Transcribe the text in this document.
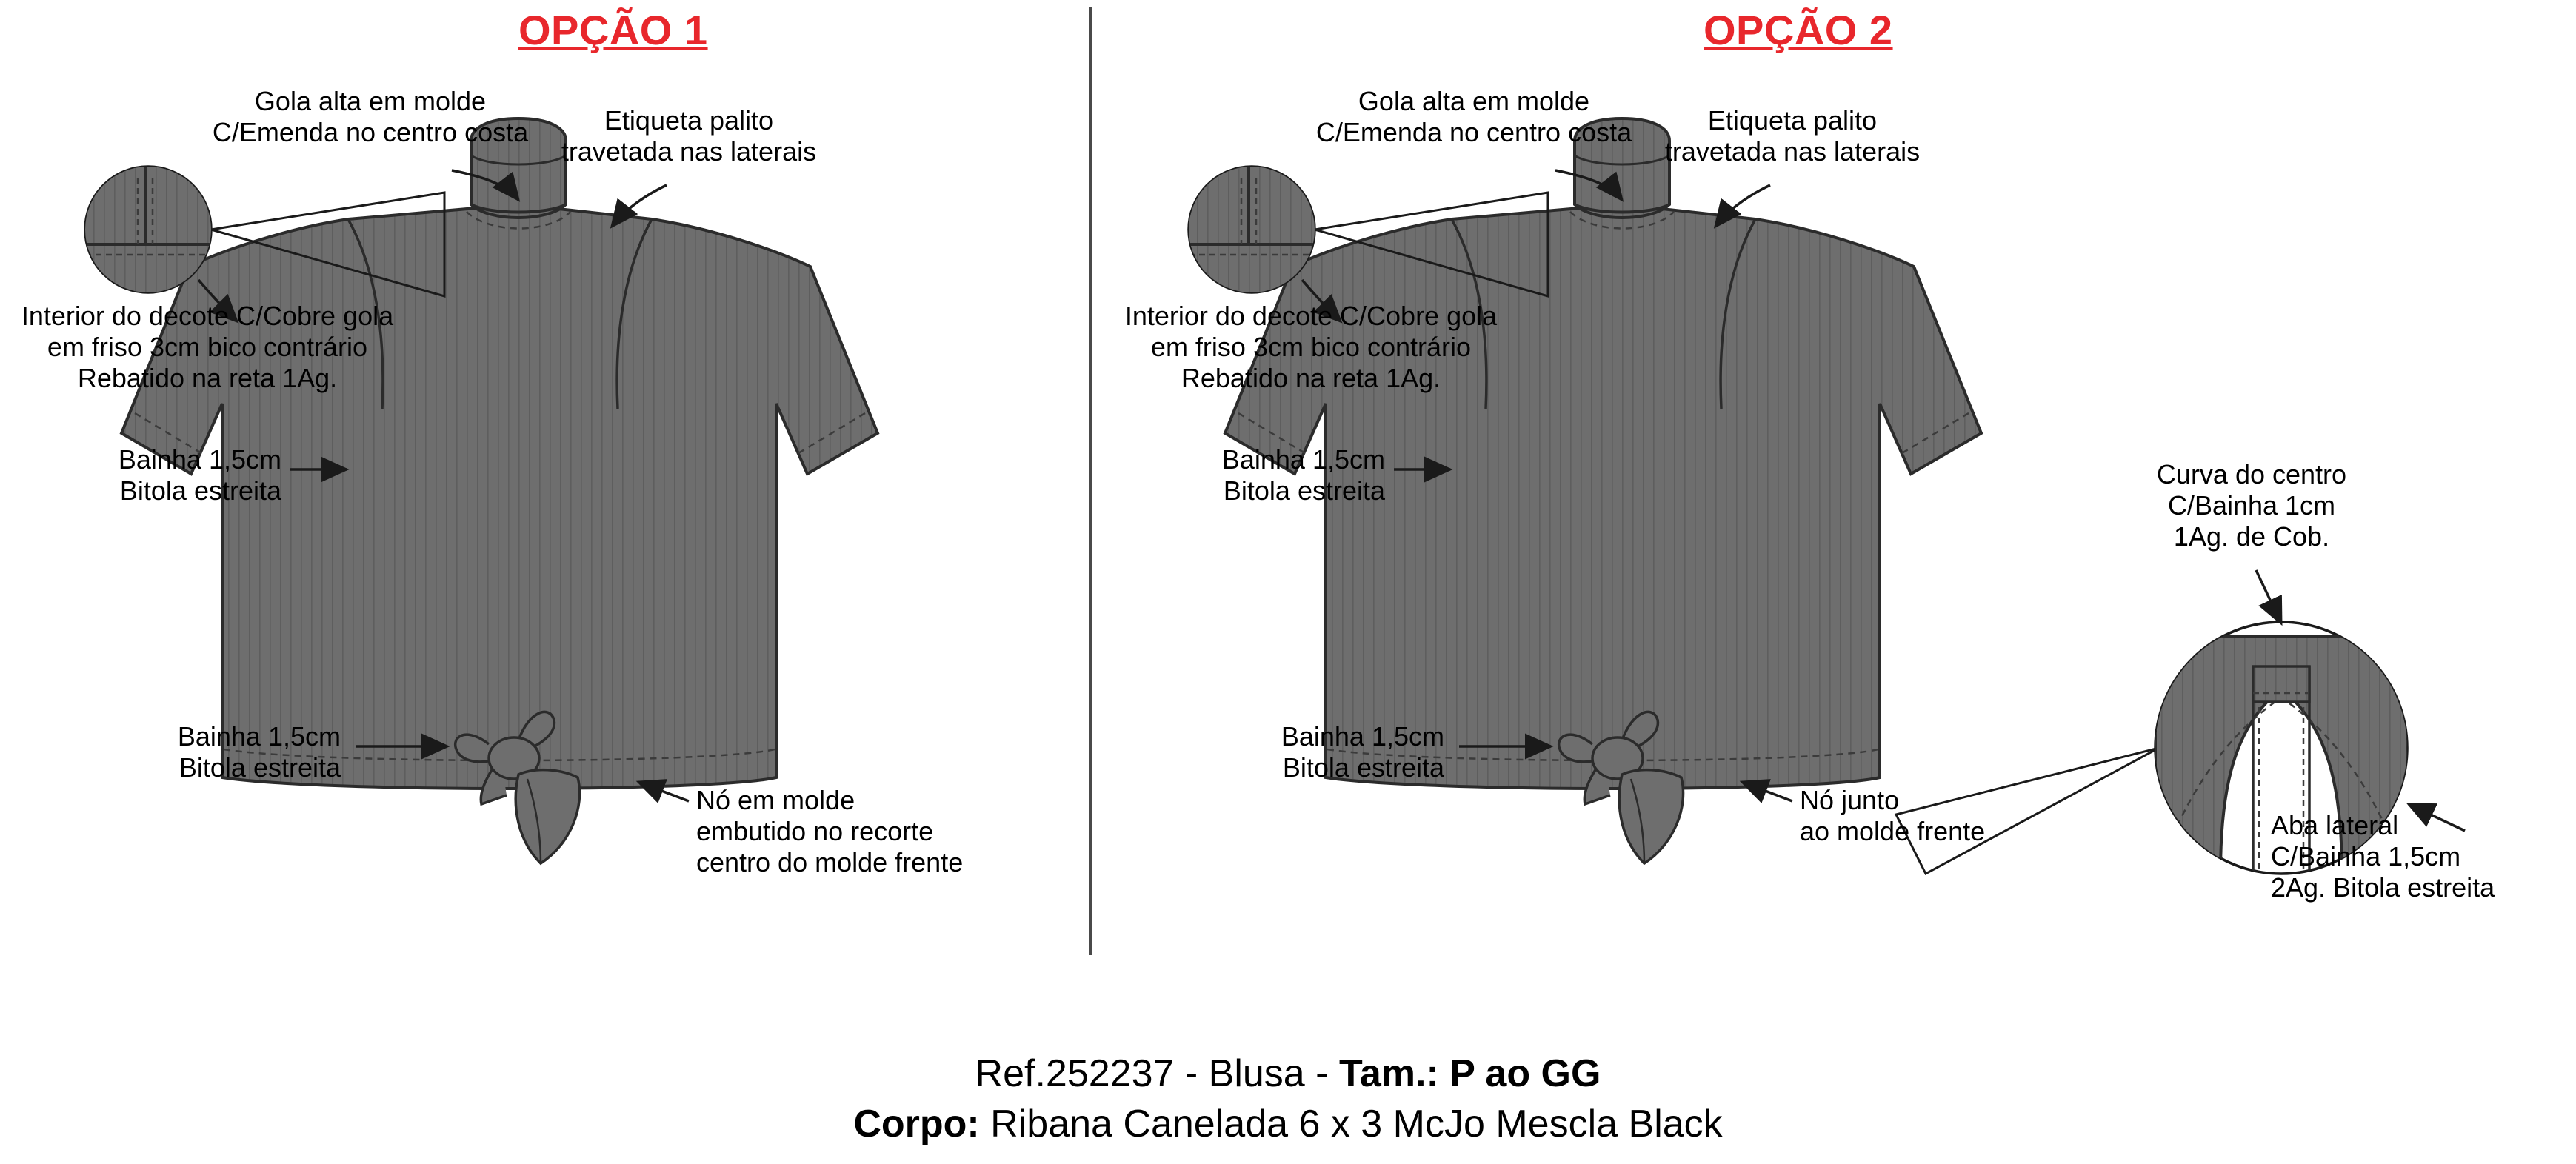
OPÇÃO 1
Gola alta em molde
C/Emenda no centro costa	Etiqueta palito
travetada nas laterais
Interior do decote C/Cobre gola
em friso 3cm bico contrário
Rebatido na reta 1Ag.
Bainha 1,5cm
Bitola estreita
Bainha 1,5cm
Bitola estreita
Nó em molde
embutido no recorte
centro do molde frente
OPÇÃO 2
Gola alta em molde
C/Emenda no centro costa	Etiqueta palito
travetada nas laterais
Interior do decote C/Cobre gola
em friso 3cm bico contrário
Rebatido na reta 1Ag.
Bainha 1,5cm
Bitola estreita
Bainha 1,5cm
Bitola estreita
Nó junto
ao molde frente
Curva do centro
C/Bainha 1cm
1Ag. de Cob.
Aba lateral
C/Bainha 1,5cm
2Ag. Bitola estreita
Ref.252237 - Blusa - Tam.: P ao GG
Corpo: Ribana Canelada 6 x 3 McJo Mescla Black
